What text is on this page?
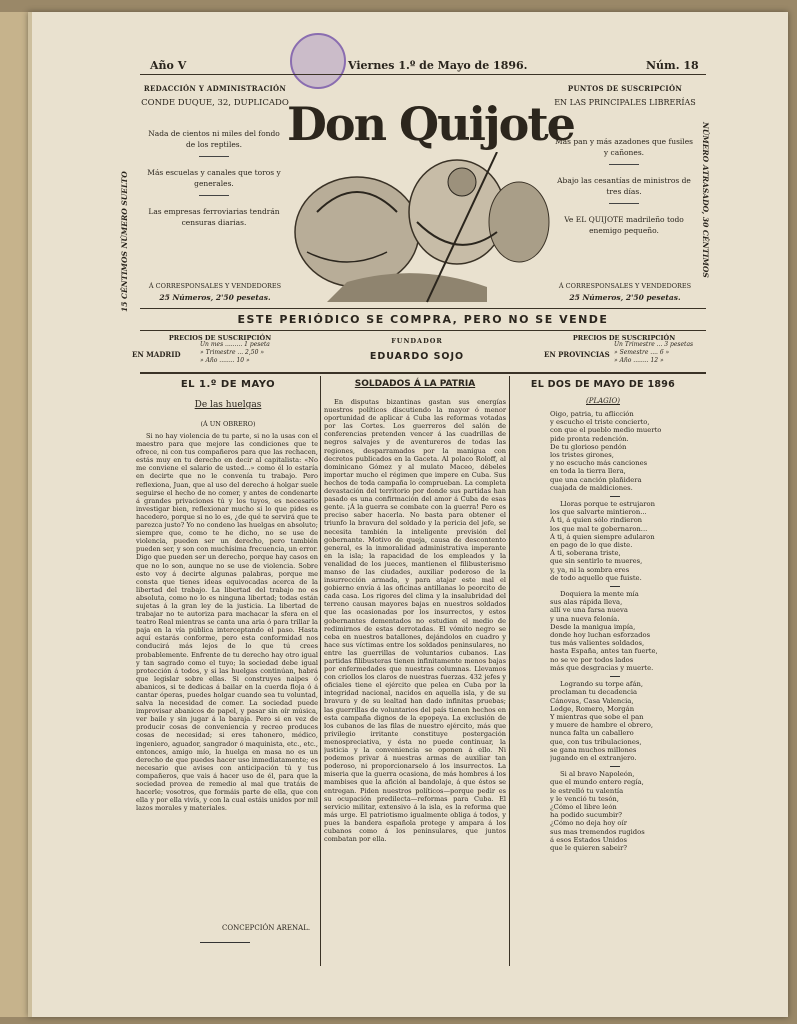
Año V	Viernes 1.º de Mayo de 1896.	Núm. 18
REDACCIÓN Y ADMINISTRACIÓN
CONDE DUQUE, 32, DUPLICADO
Nada de cientos ni miles del fondo de los reptiles.
Más escuelas y canales que toros y generales.
Las empresas ferroviarias tendrán censuras diarias.
Á CORRESPONSALES Y VENDEDORES
25 Números, 2'50 pesetas.
15 CÉNTIMOS NÚMERO SUELTO	NÚMERO ATRASADO, 30 CÉNTIMOS
Don Quijote
PUNTOS DE SUSCRIPCIÓN
EN LAS PRINCIPALES LIBRERÍAS
Más pan y más azadones que fusiles y cañones.
Abajo las cesantías de ministros de tres días.
Ve EL QUIJOTE madrileño todo enemigo pequeño.
Á CORRESPONSALES Y VENDEDORES
25 Números, 2'50 pesetas.
ESTE PERIÓDICO SE COMPRA, PERO NO SE VENDE
PRECIOS DE SUSCRIPCIÓN
EN MADRID
Un mes ......... 1 peseta
» Trimestre ... 2,50 »
» Año ........ 10 »
FUNDADOR
EDUARDO SOJO
PRECIOS DE SUSCRIPCIÓN
EN PROVINCIAS
Un Trimestre ... 3 pesetas
» Semestre .... 6 »
» Año ........ 12 »
EL 1.º DE MAYO
De las huelgas
(Á UN OBRERO)
Si no hay violencia de tu parte, si no la usas con el maestro para que mejore las condiciones que te ofrece, ni con tus compañeros para que las rechacen, estás muy en tu derecho en decir al capitalista: «No me conviene el salario de usted...» como él lo estaría en decirte que no le convenía tu trabajo. Pero reflexiona, Juan, que al uso del derecho á holgar suele seguirse el hecho de no comer, y antes de condenarte á grandes privaciones tú y los tuyos, es necesario investigar bien, reflexionar mucho si lo que pides es hacedero, porque si no lo es, ¿de qué te servirá que te parezca justo? Yo no condeno las huelgas en absoluto; siempre que, como te he dicho, no se use de violencia, pueden ser un derecho, pero también pueden ser, y son con muchísima frecuencia, un error. Digo que pueden ser un derecho, porque hay casos en que no lo son, aunque no se use de violencia. Sobre esto voy á decirte algunas palabras, porque me consta que tienes ideas equivocadas acerca de la libertad del trabajo. La libertad del trabajo no es absoluta, como no lo es ninguna libertad; todas están sujetas á la gran ley de la justicia. La libertad de trabajar no te autoriza para machacar la sfera en el teatro Real mientras se canta una aria ó para trillar la paja en la vía pública interceptando el paso. Hasta aquí estarás conforme, pero esta conformidad nos conducirá más lejos de lo que tú crees probablemente. Enfrente de tu derecho hay otro igual y tan sagrado como el tuyo; la sociedad debe igual protección á todos, y si las huelgas continúan, habrá que legislar sobre ellas. Si construyes naipes ó abanicos, si te dedicas á bailar en la cuerda floja ó á cantar óperas, puedes holgar cuando sea tu voluntad, salva la necesidad de comer. La sociedad puede improvisar abanicos de papel, y pasar sin oír música, ver baile y sin jugar á la baraja. Pero si en vez de producir cosas de conveniencia y recreo produces cosas de necesidad; si eres tahonero, médico, ingeniero, aguador, sangrador ó maquinista, etc., etc., entonces, amigo mío, la huelga en masa no es un derecho de que puedes hacer uso inmediatamente; es necesario que avises con anticipación tú y tus compañeros, que vais á hacer uso de él, para que la sociedad provea de remedio al mal que tratáis de hacerle; vosotros, que formáis parte de ella, que con ella y por ella vivís, y con la cual estáis unidos por mil lazos morales y materiales.
CONCEPCIÓN ARENAL.
SOLDADOS Á LA PATRIA
En disputas bizantinas gastan sus energías nuestros políticos discutiendo la mayor ó menor oportunidad de aplicar á Cuba las reformas votadas por las Cortes. Los guerreros del salón de conferencias pretenden vencer á las cuadrillas de negros salvajes y de aventureros de todas las regiones, desparramados por la manigua con decretos publicados en la Gaceta. Al polaco Roloff, al dominicano Gómez y al mulato Maceo, débeles importar mucho el régimen que impere en Cuba. Sus hechos de toda campaña lo comprueban. La completa devastación del territorio por donde sus partidas han pasado es una confirmación del amor á Cuba de esas gente. ¡Á la guerra se combate con la guerra! Pero es preciso saber hacerla. No basta para obtener el triunfo la bravura del soldado y la pericia del jefe, se necesita también la inteligente previsión del gobernante. Motivo de queja, causa de descontento general, es la inmoralidad administrativa imperante en la isla; la rapacidad de los empleados y la venalidad de los jueces, mantienen el filibusterismo manso de las ciudades, auxiliar poderoso de la insurrección armada, y para atajar este mal el gobierno envía á las oficinas antillanas lo peorcito de cada casa. Los rigores del clima y la insalubridad del terreno causan mayores bajas en nuestros soldados que las ocasionadas por los insurrectos, y estos gobernantes dementados no estudian el medio de redimirnos de estas derrotadas. El vómito negro se ceba en nuestros batallones, dejándolos en cuadro y hace sus víctimas entre los soldados peninsulares, no entre las guerrillas de voluntarios cubanos. Las partidas filibusteras tienen infinitamente menos bajas por enfermedades que nuestras columnas. Llevamos con criollos los claros de nuestras fuerzas. 432 jefes y oficiales tiene el ejército que pelea en Cuba por la integridad nacional, nacidos en aquella isla, y de su bravura y de su lealtad han dado infinitas pruebas; las guerrillas de voluntarios del país tienen hechos en esta campaña dignos de la epopeya. La exclusión de los cubanos de las filas de nuestro ejército, más que privilegio irritante constituye postergación menospreciativa, y ésta no puede continuar, la justicia y la conveniencia se oponen á ello. Ni podemos privar á nuestras armas de auxiliar tan poderoso, ni proporcionarselo á los insurrectos. La miseria que la guerra ocasiona, de más hombres á los mambises que la afición al bandolaje, á que éstos se entregan. Piden nuestros políticos—porque pedir es su ocupación predilecta—reformas para Cuba. El servicio militar, extensivo á la isla, es la reforma que más urge. El patriotismo igualmente obliga á todos, y pues la bandera española protege y ampara á los cubanos como á los peninsulares, que juntos combatan por ella.
EL DOS DE MAYO DE 1896
(PLAGIO)
Oigo, patria, tu aflicción
y escucho el triste concierto,
con que el pueblo medio muerto
pide pronta redención.
De tu glorioso pendón
los tristes girones,
y no escucho más canciones
en toda la tierra llera,
que una canción plañidera
cuajada de maldiciones.
Lloras porque te estrujaron
los que salvarte mintieron...
Á ti, á quien sólo rindieron
los que mal te gobernaron...
Á ti, á quien siempre adularon
en pago de lo que diste.
Á ti, soberana triste,
que sin sentirlo te mueres,
y, ya, ni la sombra eres
de todo aquello que fuiste.
Doquiera la mente mía
sus alas rápida lleva,
allí ve una farsa nueva
y una nueva felonía.
Desde la manigua impía,
donde hoy luchan esforzados
tus más valientes soldados,
hasta España, antes tan fuerte,
no se ve por todos lados
más que desgracias y muerte.
Logrando su torpe afán,
proclaman tu decadencia
Cánovas, Casa Valencia,
Lodge, Romero, Morgán
Y mientras que sobe el pan
y muere de hambre el obrero,
nunca falta un caballero
que, con tus tribulaciones,
se gana muchos millones
jugando en el extranjero.
Si al bravo Napoleón,
que el mundo entero regía,
le estrelló tu valentía
y le venció tu tesón,
¿Cómo el libre león
ha podido sucumbir?
¿Cómo no deja hoy oír
sus mas tremendos rugidos
á esos Estados Unidos
que le quieren sabeir?
